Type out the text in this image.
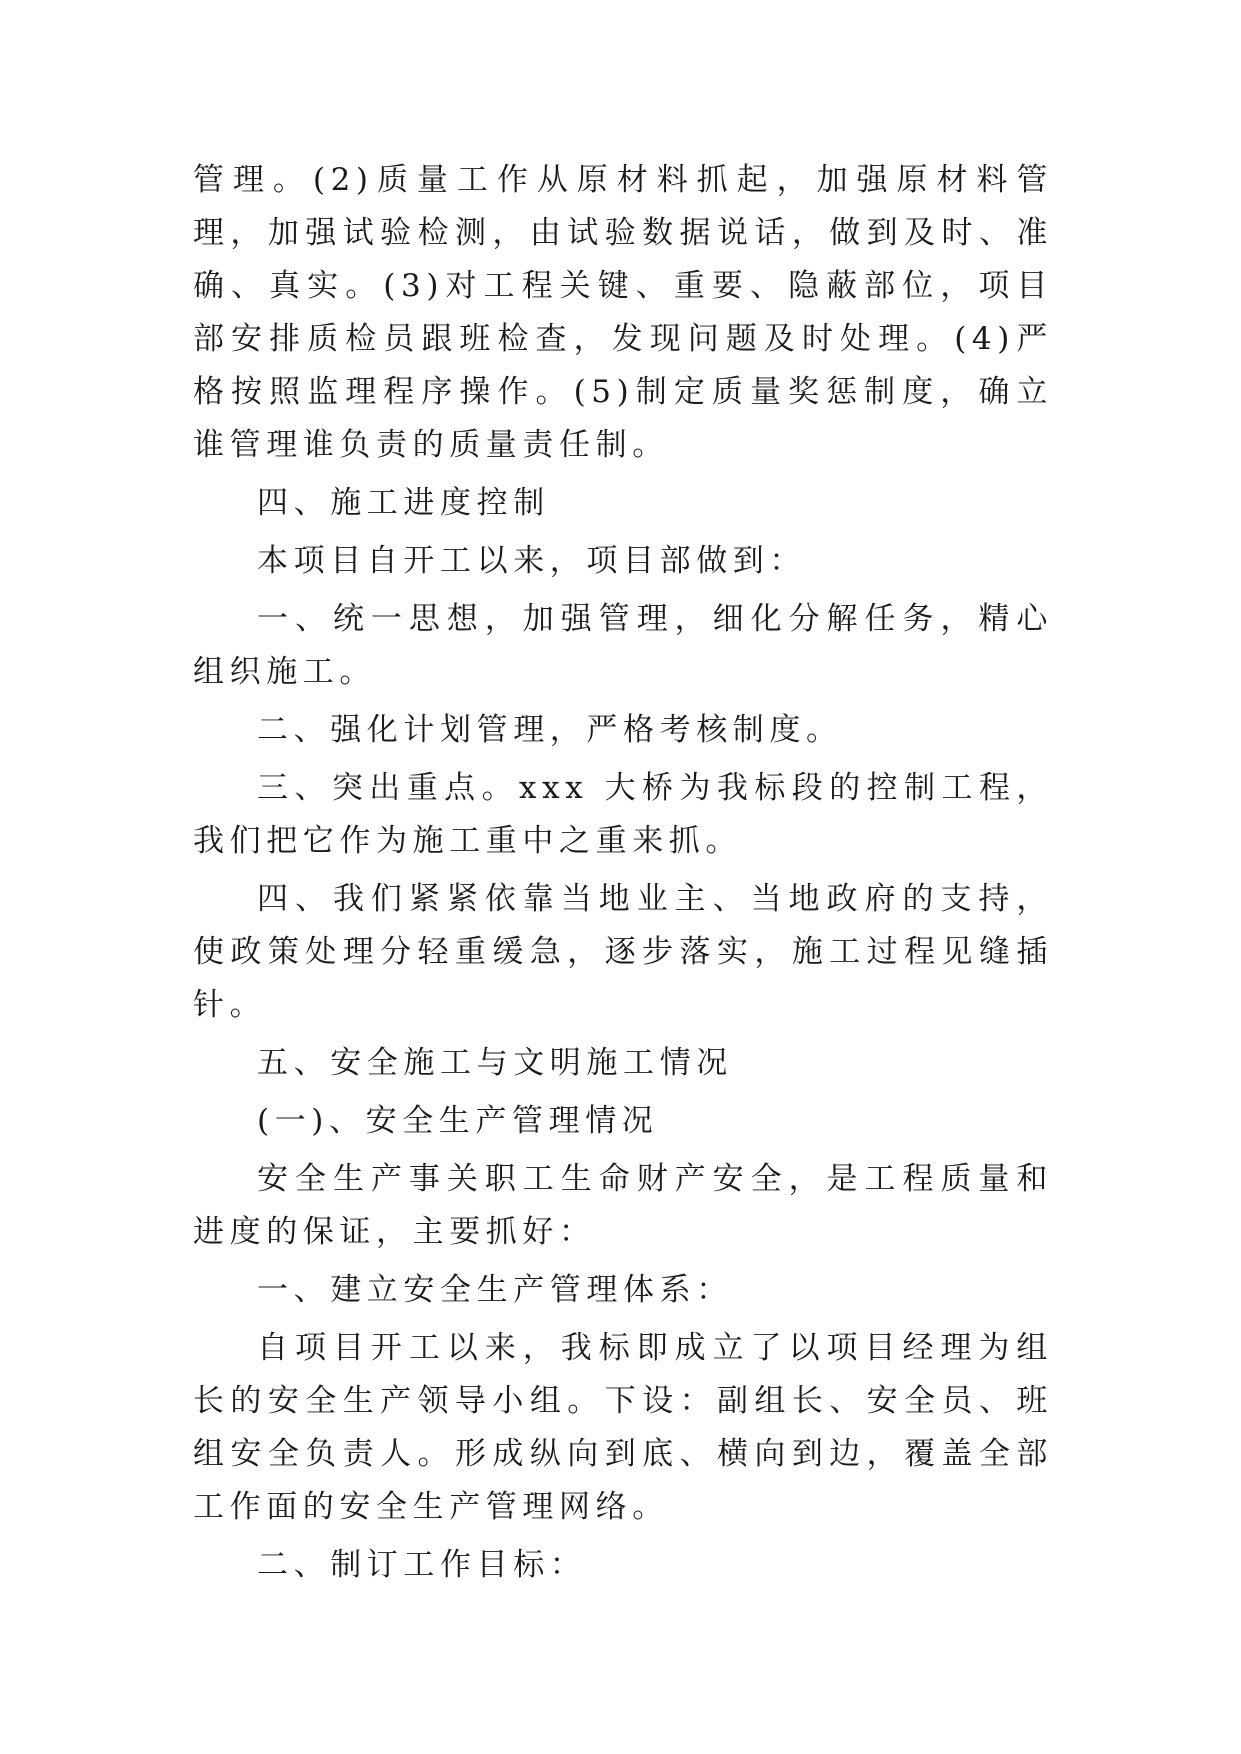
管理。(2)质量工作从原材料抓起，加强原材料管理，加强试验检测，由试验数据说话，做到及时、准确、真实。(3)对工程关键、重要、隐蔽部位，项目部安排质检员跟班检查，发现问题及时处理。(4)严格按照监理程序操作。(5)制定质量奖惩制度，确立谁管理谁负责的质量责任制。

四、施工进度控制

本项目自开工以来，项目部做到：

一、统一思想，加强管理，细化分解任务，精心组织施工。

二、强化计划管理，严格考核制度。

三、突出重点。xxx 大桥为我标段的控制工程，我们把它作为施工重中之重来抓。

四、我们紧紧依靠当地业主、当地政府的支持，使政策处理分轻重缓急，逐步落实，施工过程见缝插针。

五、安全施工与文明施工情况

(一)、安全生产管理情况

安全生产事关职工生命财产安全，是工程质量和进度的保证，主要抓好：

一、建立安全生产管理体系：

自项目开工以来，我标即成立了以项目经理为组长的安全生产领导小组。下设：副组长、安全员、班组安全负责人。形成纵向到底、横向到边，覆盖全部工作面的安全生产管理网络。

二、制订工作目标：
